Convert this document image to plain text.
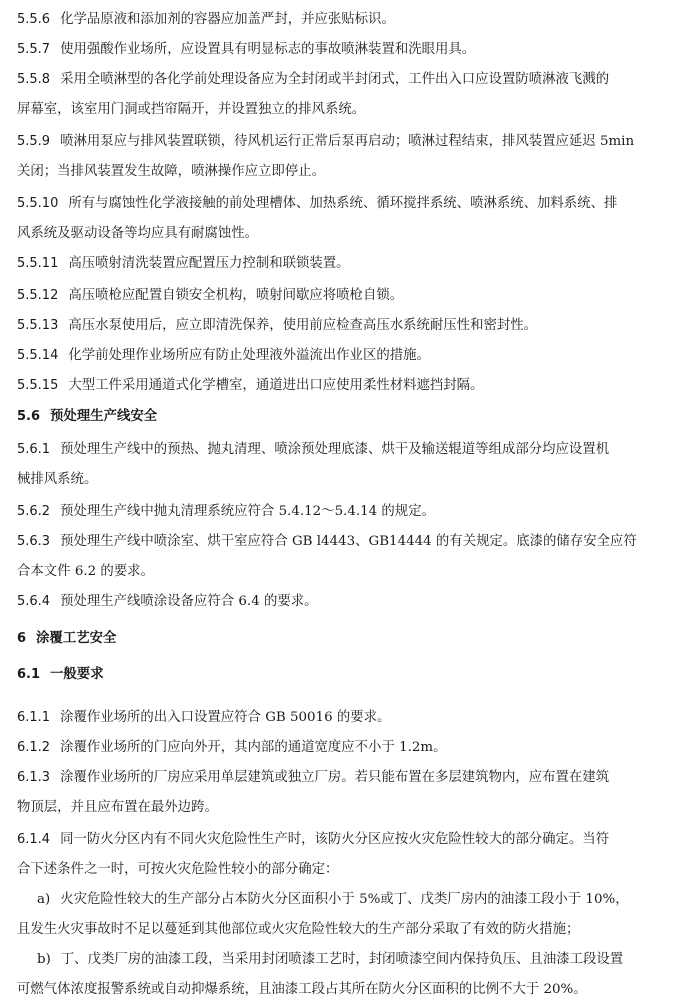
5.5.6 化学品原液和添加剂的容器应加盖严封，并应张贴标识。
5.5.7 使用强酸作业场所，应设置具有明显标志的事故喷淋装置和洗眼用具。
5.5.8 采用全喷淋型的各化学前处理设备应为全封闭或半封闭式，工件出入口应设置防喷淋液飞溅的
屏幕室，该室用门洞或挡帘隔开，并设置独立的排风系统。
5.5.9 喷淋用泵应与排风装置联锁，待风机运行正常后泵再启动；喷淋过程结束，排风装置应延迟 5min
关闭；当排风装置发生故障，喷淋操作应立即停止。
5.5.10 所有与腐蚀性化学液接触的前处理槽体、加热系统、循环搅拌系统、喷淋系统、加料系统、排
风系统及驱动设备等均应具有耐腐蚀性。
5.5.11 高压喷射清洗装置应配置压力控制和联锁装置。
5.5.12 高压喷枪应配置自锁安全机构，喷射间歇应将喷枪自锁。
5.5.13 高压水泵使用后，应立即清洗保养，使用前应检查高压水系统耐压性和密封性。
5.5.14 化学前处理作业场所应有防止处理液外溢流出作业区的措施。
5.5.15 大型工件采用通道式化学槽室，通道进出口应使用柔性材料遮挡封隔。
5.6 预处理生产线安全
5.6.1 预处理生产线中的预热、抛丸清理、喷涂预处理底漆、烘干及输送辊道等组成部分均应设置机
械排风系统。
5.6.2 预处理生产线中抛丸清理系统应符合 5.4.12～5.4.14 的规定。
5.6.3 预处理生产线中喷涂室、烘干室应符合 GB l4443、GB14444 的有关规定。底漆的储存安全应符
合本文件 6.2 的要求。
5.6.4 预处理生产线喷涂设备应符合 6.4 的要求。
6 涂覆工艺安全
6.1 一般要求
6.1.1 涂覆作业场所的出入口设置应符合 GB 50016 的要求。
6.1.2 涂覆作业场所的门应向外开，其内部的通道宽度应不小于 1.2m。
6.1.3 涂覆作业场所的厂房应采用单层建筑或独立厂房。若只能布置在多层建筑物内，应布置在建筑
物顶层，并且应布置在最外边跨。
6.1.4 同一防火分区内有不同火灾危险性生产时，该防火分区应按火灾危险性较大的部分确定。当符
合下述条件之一时，可按火灾危险性较小的部分确定：
a) 火灾危险性较大的生产部分占本防火分区面积小于 5%或丁、戊类厂房内的油漆工段小于 10%，
且发生火灾事故时不足以蔓延到其他部位或火灾危险性较大的生产部分采取了有效的防火措施；
b) 丁、戊类厂房的油漆工段，当采用封闭喷漆工艺时，封闭喷漆空间内保持负压、且油漆工段设置
可燃气体浓度报警系统或自动抑爆系统，且油漆工段占其所在防火分区面积的比例不大于 20%。
